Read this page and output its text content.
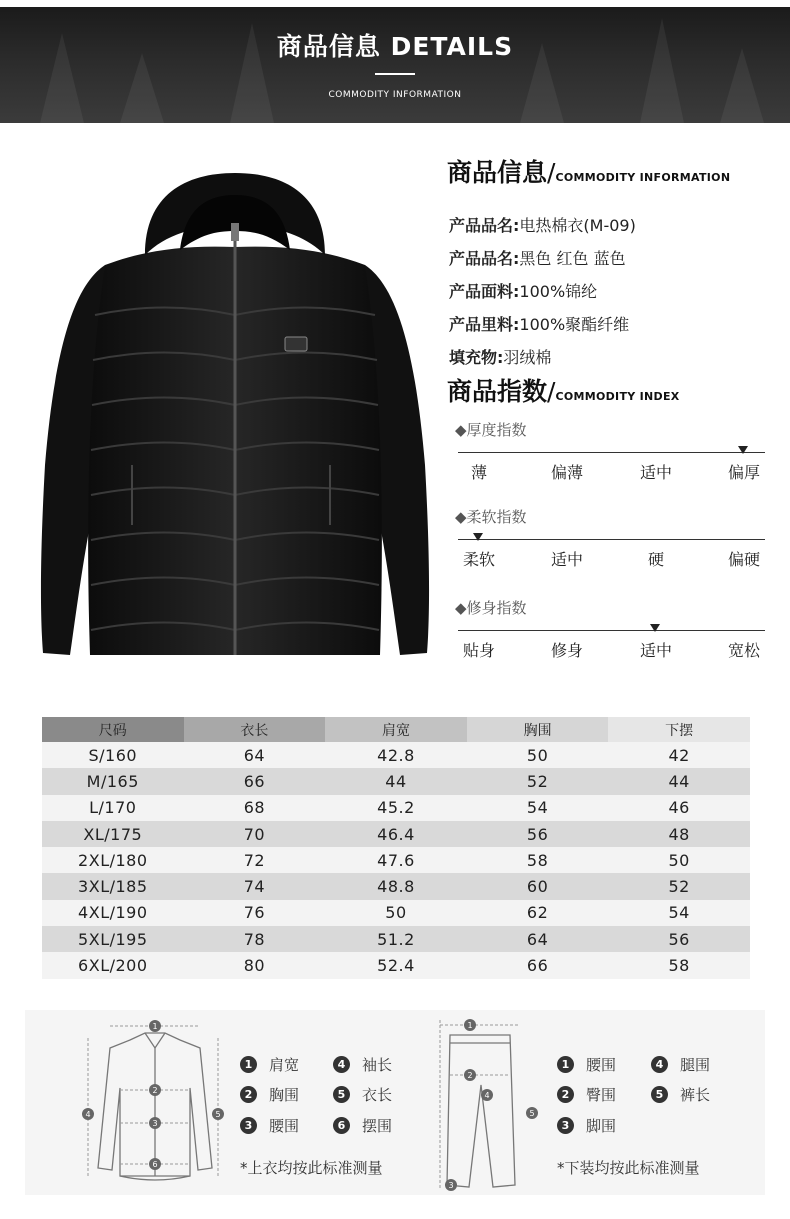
商品信息 DETAILS
COMMODITY INFORMATION
商品信息/COMMODITY INFORMATION
产品品名:电热棉衣(M-09)
产品品名:黑色 红色 蓝色
产品面料:100%锦纶
产品里料:100%聚酯纤维
填充物:羽绒棉
商品指数/COMMODITY INDEX
◆厚度指数
薄	偏薄	适中	偏厚
◆柔软指数
柔软	适中	硬	偏硬
◆修身指数
贴身	修身	适中	宽松
尺码	衣长	肩宽	胸围	下摆
S/160	64	42.8	50	42
M/165	66	44	52	44
L/170	68	45.2	54	46
XL/175	70	46.4	56	48
2XL/180	72	47.6	58	50
3XL/185	74	48.8	60	52
4XL/190	76	50	62	54
5XL/195	78	51.2	64	56
6XL/200	80	52.4	66	58
1
2
3
6
4	5
1
2
3
4
5
1	肩宽	4	袖长
2	胸围	5	衣长
3	腰围	6	摆围
*上衣均按此标准测量
1	腰围	4	腿围
2	臀围	5	裤长
3	脚围
*下装均按此标准测量
